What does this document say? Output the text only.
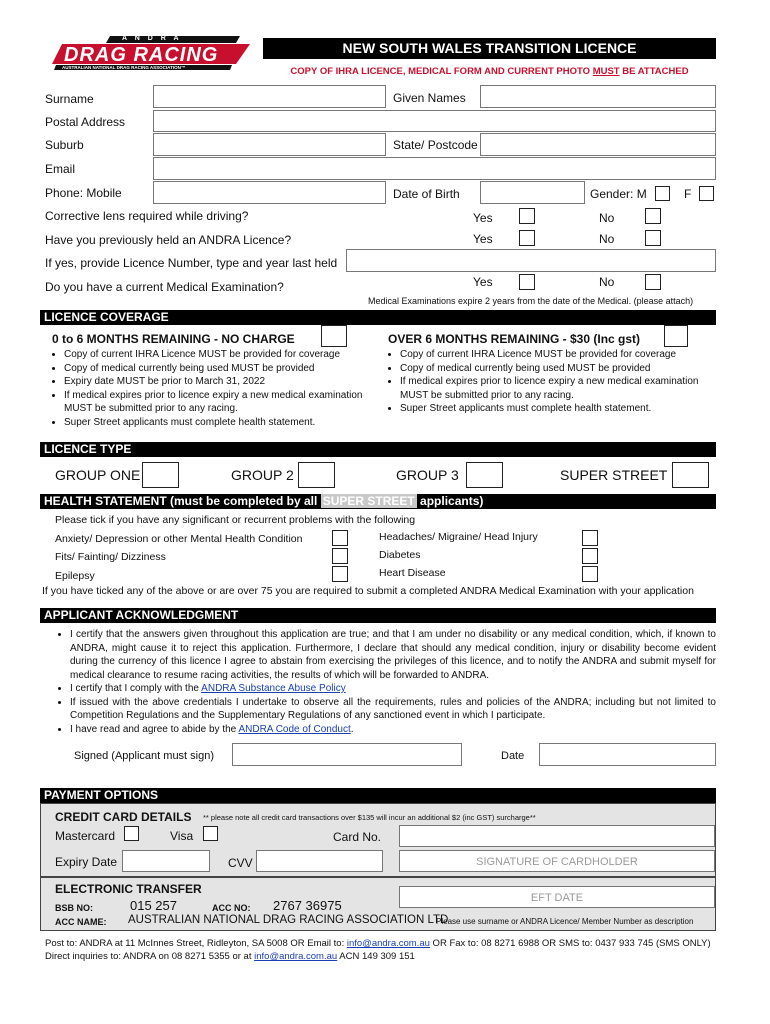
A N D R A
DRAG RACING
AUSTRALIAN NATIONAL DRAG RACING ASSOCIATION™
NEW SOUTH WALES TRANSITION LICENCE
COPY OF IHRA LICENCE, MEDICAL FORM AND CURRENT PHOTO MUST BE ATTACHED
Surname	Given Names
Postal Address
Suburb	State/ Postcode
Email
Phone: Mobile	Date of Birth	Gender: M	F
Corrective lens required while driving?	Yes	No
Have you previously held an ANDRA Licence?	Yes	No
If yes, provide Licence Number, type and year last held
Do you have a current Medical Examination?	Yes	No
Medical Examinations expire 2 years from the date of the Medical. (please attach)
LICENCE COVERAGE
0 to 6 MONTHS REMAINING - NO CHARGE
• Copy of current IHRA Licence MUST be provided for coverage
• Copy of medical currently being used MUST be provided
• Expiry date MUST be prior to March 31, 2022
• If medical expires prior to licence expiry a new medical examination MUST be submitted prior to any racing.
• Super Street applicants must complete health statement.
OVER 6 MONTHS REMAINING - $30 (Inc gst)
• Copy of current IHRA Licence MUST be provided for coverage
• Copy of medical currently being used MUST be provided
• If medical expires prior to licence expiry a new medical examination MUST be submitted prior to any racing.
• Super Street applicants must complete health statement.
LICENCE TYPE
GROUP ONE	GROUP 2	GROUP 3	SUPER STREET
HEALTH STATEMENT (must be completed by all SUPER STREET applicants)
Please tick if you have any significant or recurrent problems with the following
Anxiety/ Depression or other Mental Health Condition
Fits/ Fainting/ Dizziness
Epilepsy
Headaches/ Migraine/ Head Injury
Diabetes
Heart Disease
If you have ticked any of the above or are over 75 you are required to submit a completed ANDRA Medical Examination with your application
APPLICANT ACKNOWLEDGMENT
• I certify that the answers given throughout this application are true; and that I am under no disability or any medical condition, which, if known to ANDRA, might cause it to reject this application. Furthermore, I declare that should any medical condition, injury or disability become evident during the currency of this licence I agree to abstain from exercising the privileges of this licence, and to notify the ANDRA and submit myself for medical clearance to resume racing activities, the results of which will be forwarded to ANDRA.
• I certify that I comply with the ANDRA Substance Abuse Policy
• If issued with the above credentials I undertake to observe all the requirements, rules and policies of the ANDRA; including but not limited to Competition Regulations and the Supplementary Regulations of any sanctioned event in which I participate.
• I have read and agree to abide by the ANDRA Code of Conduct.
Signed (Applicant must sign)	Date
PAYMENT OPTIONS
CREDIT CARD DETAILS ** please note all credit card transactions over $135 will incur an additional $2 (inc GST) surcharge**
Mastercard	Visa	Card No.
Expiry Date	CVV	SIGNATURE OF CARDHOLDER
ELECTRONIC TRANSFER
EFT DATE
BSB NO:	015 257	ACC NO: 2767 36975
ACC NAME: AUSTRALIAN NATIONAL DRAG RACING ASSOCIATION LTD
Please use surname or ANDRA Licence/ Member Number as description
Post to: ANDRA at 11 McInnes Street, Ridleyton, SA 5008 OR Email to: info@andra.com.au OR Fax to: 08 8271 6988 OR SMS to: 0437 933 745 (SMS ONLY)
Direct inquiries to: ANDRA on 08 8271 5355 or at info@andra.com.au ACN 149 309 151
